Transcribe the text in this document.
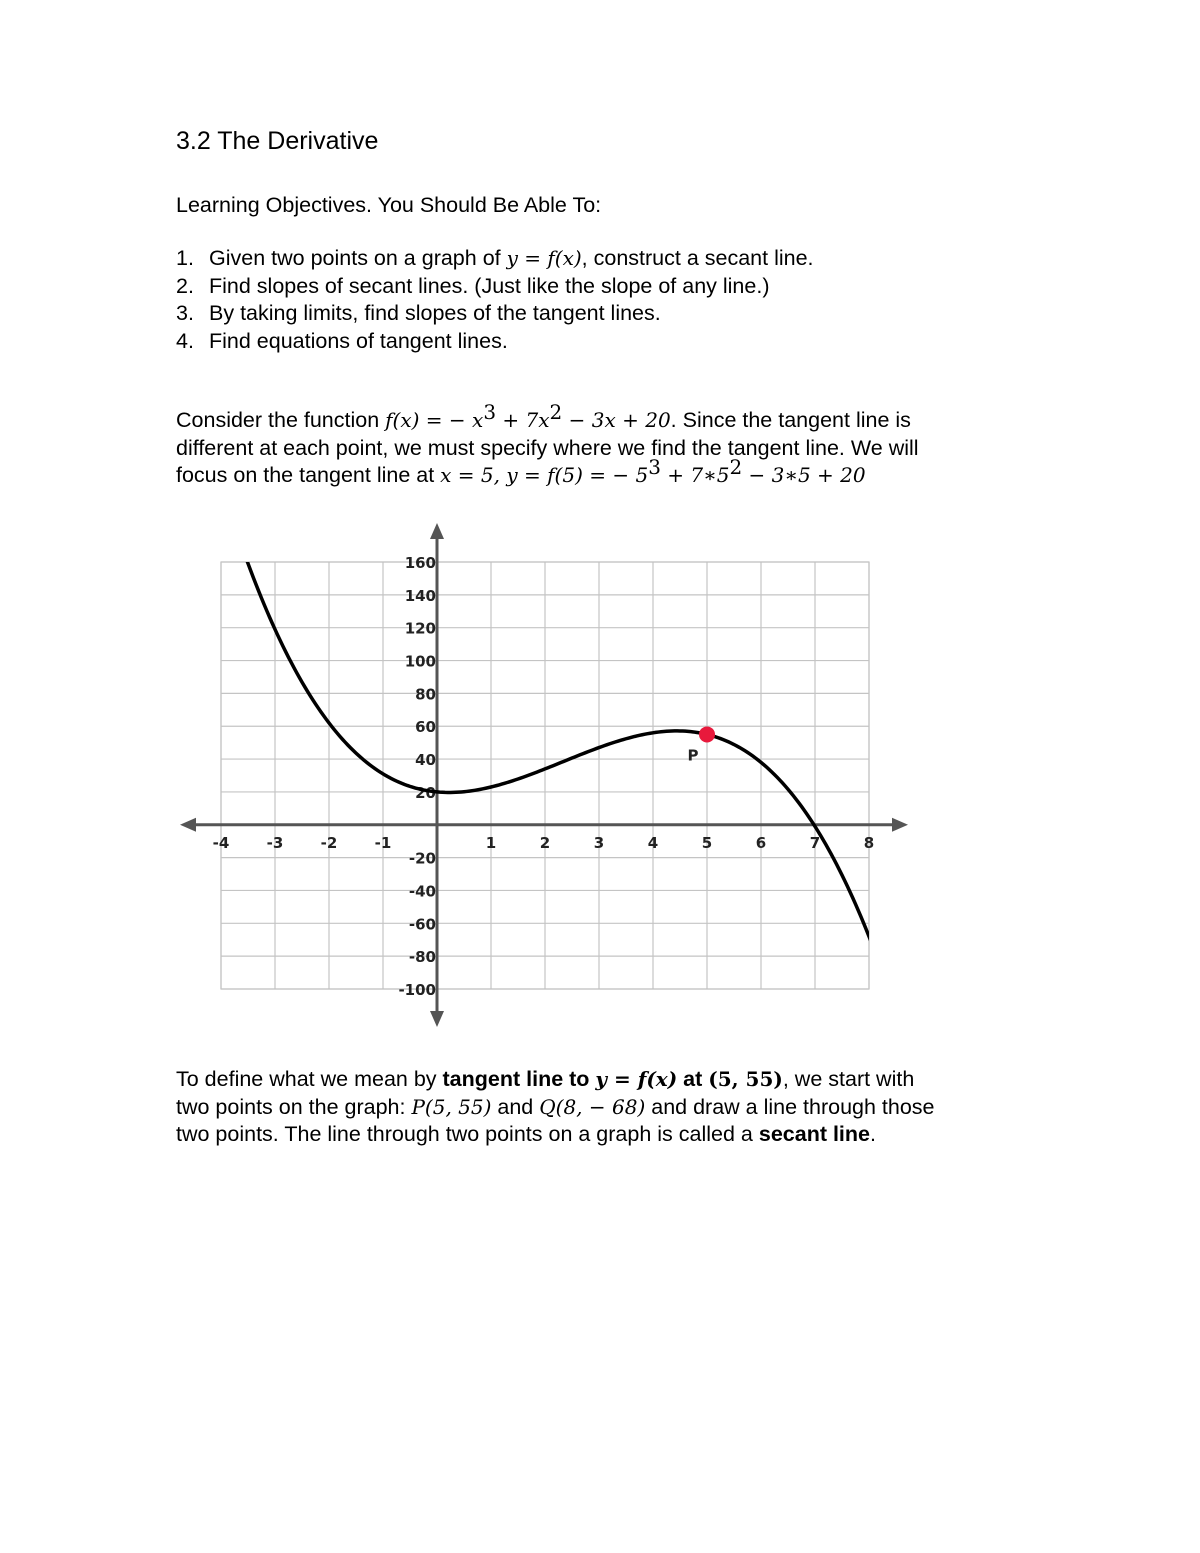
3.2 The Derivative
Learning Objectives. You Should Be Able To:
1. Given two points on a graph of y = f(x), construct a secant line.
2. Find slopes of secant lines. (Just like the slope of any line.)
3. By taking limits, find slopes of the tangent lines.
4. Find equations of tangent lines.
Consider the function f(x) = − $x^3 + 7x^2 - 3x + 20$. Since the tangent line is
different at each point, we must specify where we find the tangent line. We will
focus on the tangent line at x = 5, y = f(5) = − $5^3$ + $7∗5^2$ − 3∗5 + 20
-4 -3 -2 -1	1	2	3	4	5	6	7	8
160
140
120
100
80
60
40
20
-20
-40
-60
-80
-100
P
To define what we mean by tangent line to y = f(x) at (5, 55), we start with
two points on the graph: P(5, 55) and Q(8, − 68) and draw a line through those
two points. The line through two points on a graph is called a secant line.
